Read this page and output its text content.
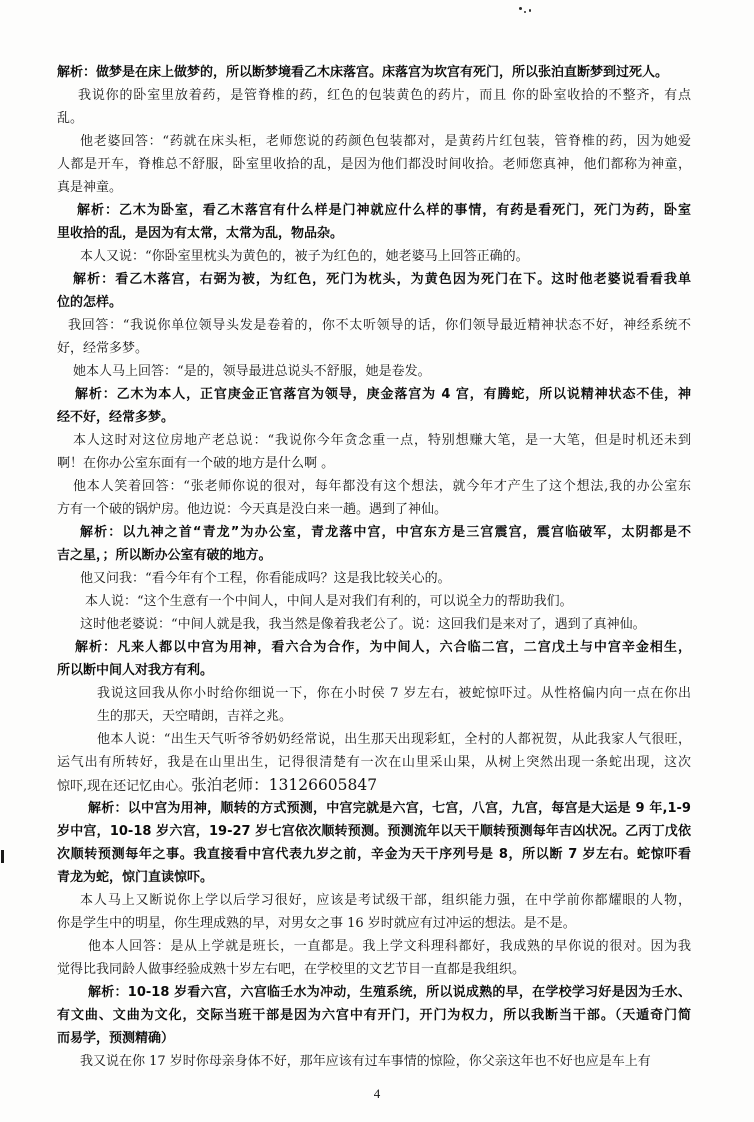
解析：做梦是在床上做梦的，所以断梦境看乙木床落宫。床落宫为坎宫有死门，所以张泊直断梦到过死人。
我说你的卧室里放着药，是管脊椎的药，红色的包装黄色的药片，而且 你的卧室收拾的不整齐，有点
乱。
他老婆回答：“药就在床头柜，老师您说的药颜色包装都对，是黄药片红包装，管脊椎的药，因为她爱
人都是开车，脊椎总不舒服，卧室里收拾的乱，是因为他们都没时间收拾。老师您真神，他们都称为神童，
真是神童。
解析：乙木为卧室，看乙木落宫有什么样是门神就应什么样的事情，有药是看死门，死门为药，卧室
里收拾的乱，是因为有太常，太常为乱，物品杂。
本人又说：“你卧室里枕头为黄色的，被子为红色的，她老婆马上回答正确的。
解析：看乙木落宫，右弼为被，为红色，死门为枕头，为黄色因为死门在下。这时他老婆说看看我单
位的怎样。
我回答：“我说你单位领导头发是卷着的，你不太听领导的话，你们领导最近精神状态不好，神经系统不
好，经常多梦。
她本人马上回答：“是的，领导最进总说头不舒服，她是卷发。
解析：乙木为本人，正官庚金正官落宫为领导，庚金落宫为 4 宫，有腾蛇，所以说精神状态不佳，神
经不好，经常多梦。
本人这时对这位房地产老总说：“我说你今年贪念重一点，特别想赚大笔，是一大笔，但是时机还未到
啊！在你办公室东面有一个破的地方是什么啊 。
他本人笑着回答：“张老师你说的很对，每年都没有这个想法，就今年才产生了这个想法,我的办公室东
方有一个破的锅炉房。他边说：今天真是没白来一趟。遇到了神仙。
解析：以九神之首“青龙”为办公室，青龙落中宫，中宫东方是三宫震宫，震宫临破军，太阴都是不
吉之星，；所以断办公室有破的地方。
他又问我：“看今年有个工程，你看能成吗？这是我比较关心的。
本人说：“这个生意有一个中间人，中间人是对我们有利的，可以说全力的帮助我们。
这时他老婆说：“中间人就是我，我当然是像着我老公了。说：这回我们是来对了，遇到了真神仙。
解析：凡来人都以中宫为用神，看六合为合作，为中间人，六合临二宫，二宫戊土与中宫辛金相生，
所以断中间人对我方有利。
我说这回我从你小时给你细说一下，你在小时侯 7 岁左右，被蛇惊吓过。从性格偏内向一点在你出
生的那天，天空晴朗，吉祥之兆。
他本人说：“出生天气听爷爷奶奶经常说，出生那天出现彩虹，全村的人都祝贺，从此我家人气很旺，
运气出有所转好，我是在山里出生，记得很清楚有一次在山里采山果，从树上突然出现一条蛇出现，这次
惊吓,现在还记忆由心。张泊老师：13126605847
解析：以中宫为用神，顺转的方式预测，中宫完就是六宫，七宫，八宫，九宫，每宫是大运是 9 年,1-9
岁中宫，10-18 岁六宫，19-27 岁七宫依次顺转预测。预测流年以天干顺转预测每年吉凶状况。乙丙丁戊依
次顺转预测每年之事。我直接看中宫代表九岁之前，辛金为天干序列号是 8，所以断 7 岁左右。蛇惊吓看
青龙为蛇，惊门直读惊吓。
本人马上又断说你上学以后学习很好，应该是考试级干部，组织能力强，在中学前你都耀眼的人物，
你是学生中的明星，你生理成熟的早，对男女之事 16 岁时就应有过冲运的想法。是不是。
他本人回答：是从上学就是班长，一直都是。我上学文科理科都好，我成熟的早你说的很对。因为我
觉得比我同龄人做事经验成熟十岁左右吧，在学校里的文艺节目一直都是我组织。
解析：10-18 岁看六宫，六宫临壬水为冲动，生殖系统，所以说成熟的早，在学校学习好是因为壬水、
有文曲、文曲为文化，交际当班干部是因为六宫中有开门，开门为权力，所以我断当干部。（天遁奇门简
而易学，预测精确）
我又说在你 17 岁时你母亲身体不好，那年应该有过车事情的惊险，你父亲这年也不好也应是车上有
4
